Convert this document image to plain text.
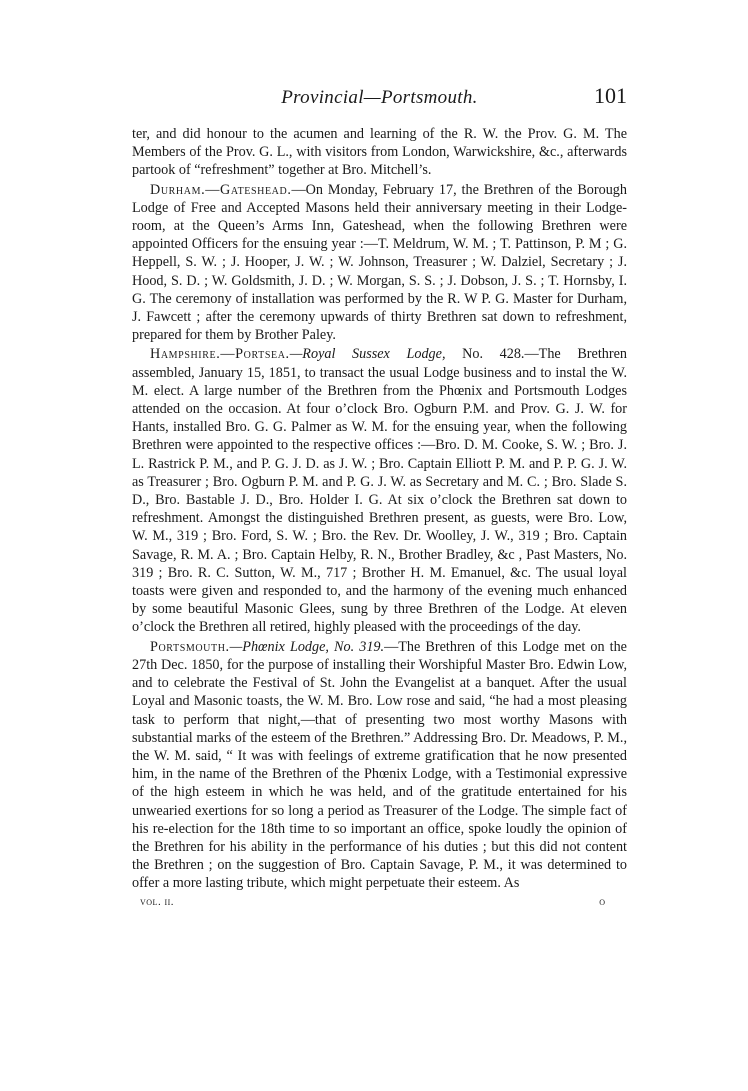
Provincial—Portsmouth.	101

ter, and did honour to the acumen and learning of the R. W. the Prov. G. M. The Members of the Prov. G. L., with visitors from London, Warwickshire, &c., afterwards partook of “refreshment” together at Bro. Mitchell’s.

Durham.—Gateshead.—On Monday, February 17, the Brethren of the Borough Lodge of Free and Accepted Masons held their anniversary meeting in their Lodge-room, at the Queen’s Arms Inn, Gateshead, when the following Brethren were appointed Officers for the ensuing year :—T. Meldrum, W. M. ; T. Pattinson, P. M ; G. Heppell, S. W. ; J. Hooper, J. W. ; W. Johnson, Treasurer ; W. Dalziel, Secretary ; J. Hood, S. D. ; W. Goldsmith, J. D. ; W. Morgan, S. S. ; J. Dobson, J. S. ; T. Hornsby, I. G. The ceremony of installation was performed by the R. W P. G. Master for Durham, J. Fawcett ; after the ceremony upwards of thirty Brethren sat down to refreshment, prepared for them by Brother Paley.

Hampshire.—Portsea.—Royal Sussex Lodge, No. 428.—The Brethren assembled, January 15, 1851, to transact the usual Lodge business and to instal the W. M. elect. A large number of the Brethren from the Phœnix and Portsmouth Lodges attended on the occasion. At four o’clock Bro. Ogburn P.M. and Prov. G. J. W. for Hants, installed Bro. G. G. Palmer as W. M. for the ensuing year, when the following Brethren were appointed to the respective offices :—Bro. D. M. Cooke, S. W. ; Bro. J. L. Rastrick P. M., and P. G. J. D. as J. W. ; Bro. Captain Elliott P. M. and P. P. G. J. W. as Treasurer ; Bro. Ogburn P. M. and P. G. J. W. as Secretary and M. C. ; Bro. Slade S. D., Bro. Bastable J. D., Bro. Holder I. G. At six o’clock the Brethren sat down to refreshment. Amongst the distinguished Brethren present, as guests, were Bro. Low, W. M., 319 ; Bro. Ford, S. W. ; Bro. the Rev. Dr. Woolley, J. W., 319 ; Bro. Captain Savage, R. M. A. ; Bro. Captain Helby, R. N., Brother Bradley, &c , Past Masters, No. 319 ; Bro. R. C. Sutton, W. M., 717 ; Brother H. M. Emanuel, &c. The usual loyal toasts were given and responded to, and the harmony of the evening much enhanced by some beautiful Masonic Glees, sung by three Brethren of the Lodge. At eleven o’clock the Brethren all retired, highly pleased with the proceedings of the day.

Portsmouth.—Phœnix Lodge, No. 319.—The Brethren of this Lodge met on the 27th Dec. 1850, for the purpose of installing their Worshipful Master Bro. Edwin Low, and to celebrate the Festival of St. John the Evangelist at a banquet. After the usual Loyal and Masonic toasts, the W. M. Bro. Low rose and said, “he had a most pleasing task to perform that night,—that of presenting two most worthy Masons with substantial marks of the esteem of the Brethren.” Addressing Bro. Dr. Meadows, P. M., the W. M. said, “ It was with feelings of extreme gratification that he now presented him, in the name of the Brethren of the Phœnix Lodge, with a Testimonial expressive of the high esteem in which he was held, and of the gratitude entertained for his unwearied exertions for so long a period as Treasurer of the Lodge. The simple fact of his re-election for the 18th time to so important an office, spoke loudly the opinion of the Brethren for his ability in the performance of his duties ; but this did not content the Brethren ; on the suggestion of Bro. Captain Savage, P. M., it was determined to offer a more lasting tribute, which might perpetuate their esteem. As

vol. ii.	o
